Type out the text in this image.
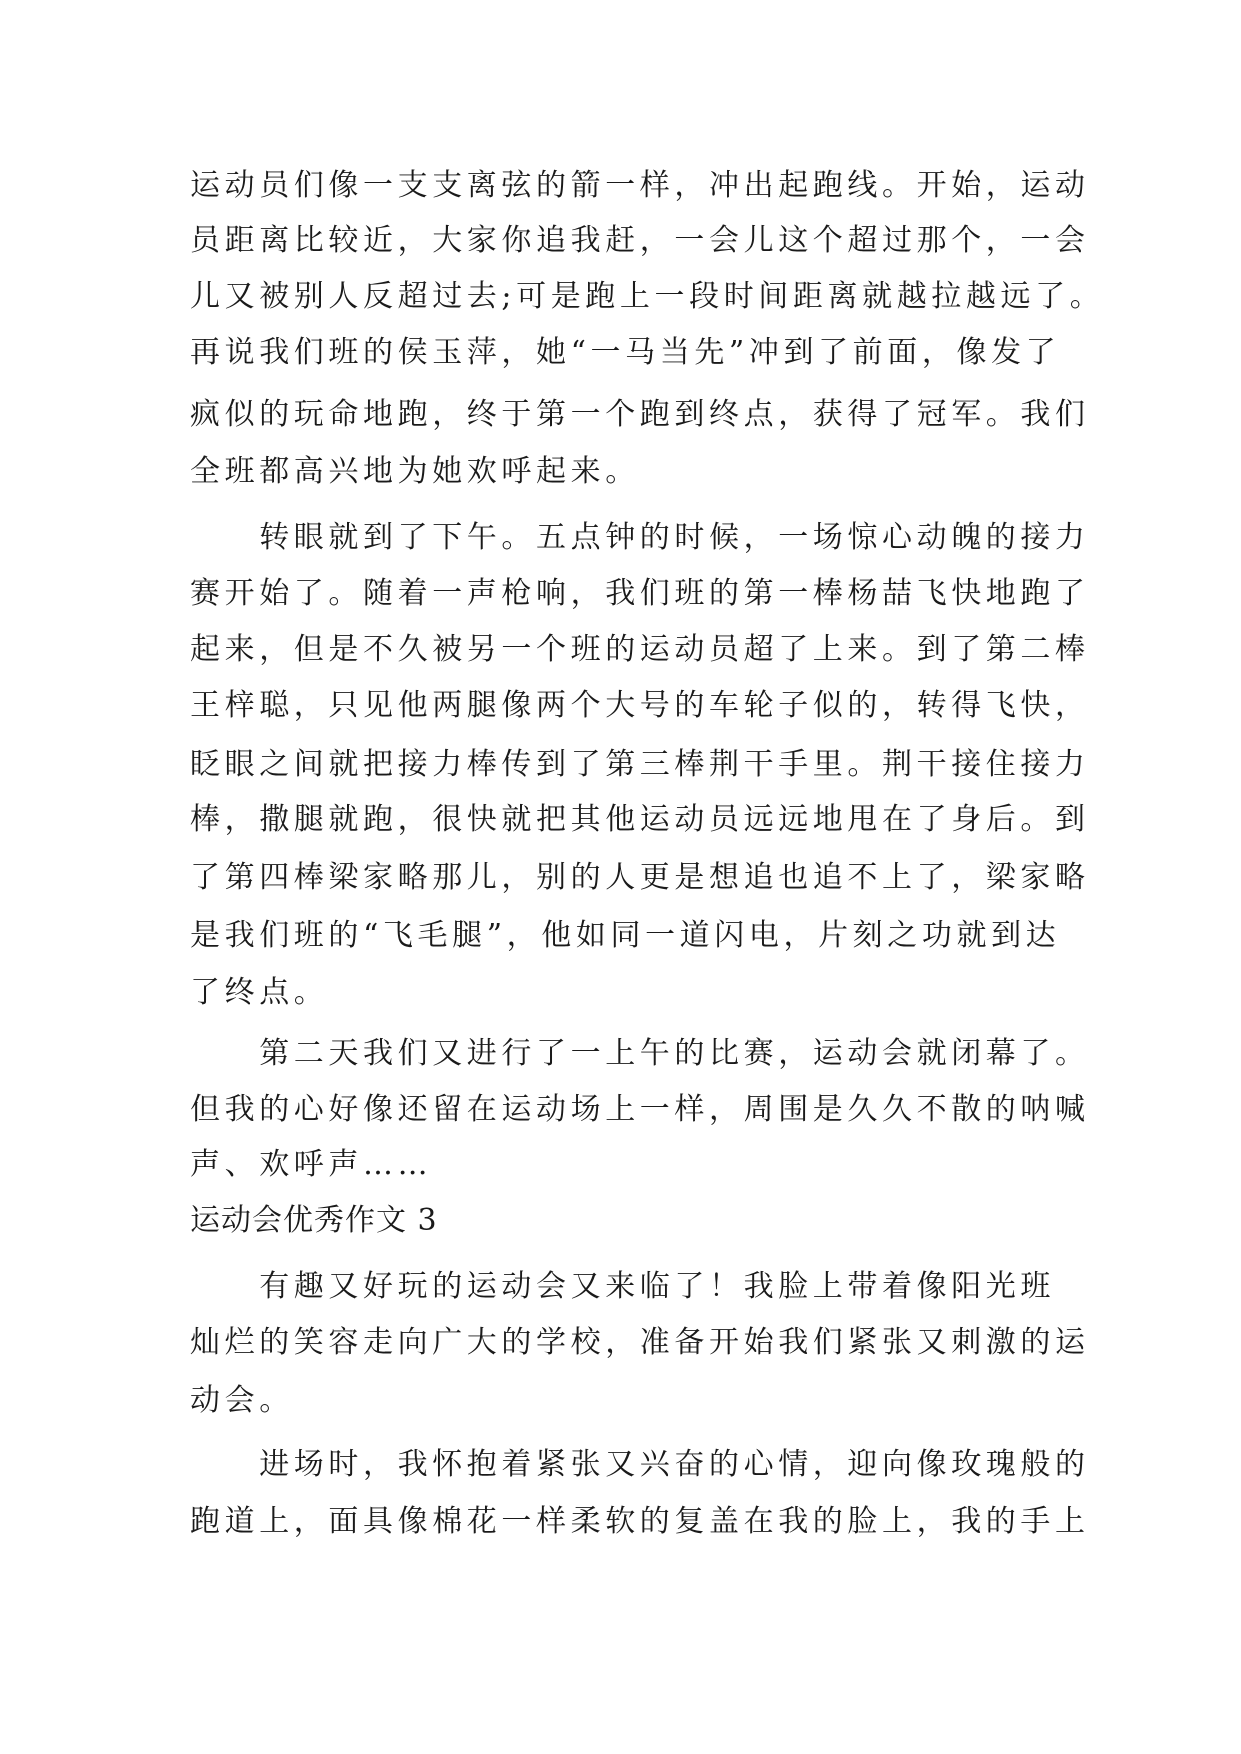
运动员们像一支支离弦的箭一样，冲出起跑线。开始，运动
员距离比较近，大家你追我赶，一会儿这个超过那个，一会
儿又被别人反超过去;可是跑上一段时间距离就越拉越远了。
再说我们班的侯玉萍，她“一马当先”冲到了前面，像发了
疯似的玩命地跑，终于第一个跑到终点，获得了冠军。我们
全班都高兴地为她欢呼起来。
　　转眼就到了下午。五点钟的时候，一场惊心动魄的接力
赛开始了。随着一声枪响，我们班的第一棒杨喆飞快地跑了
起来，但是不久被另一个班的运动员超了上来。到了第二棒
王梓聪，只见他两腿像两个大号的车轮子似的，转得飞快，
眨眼之间就把接力棒传到了第三棒荆干手里。荆干接住接力
棒，撒腿就跑，很快就把其他运动员远远地甩在了身后。到
了第四棒梁家略那儿，别的人更是想追也追不上了，梁家略
是我们班的“飞毛腿”，他如同一道闪电，片刻之功就到达
了终点。
　　第二天我们又进行了一上午的比赛，运动会就闭幕了。
但我的心好像还留在运动场上一样，周围是久久不散的呐喊
声、欢呼声……
运动会优秀作文 3
　　有趣又好玩的运动会又来临了！我脸上带着像阳光班
灿烂的笑容走向广大的学校，准备开始我们紧张又刺激的运
动会。
　　进场时，我怀抱着紧张又兴奋的心情，迎向像玫瑰般的
跑道上，面具像棉花一样柔软的复盖在我的脸上，我的手上
